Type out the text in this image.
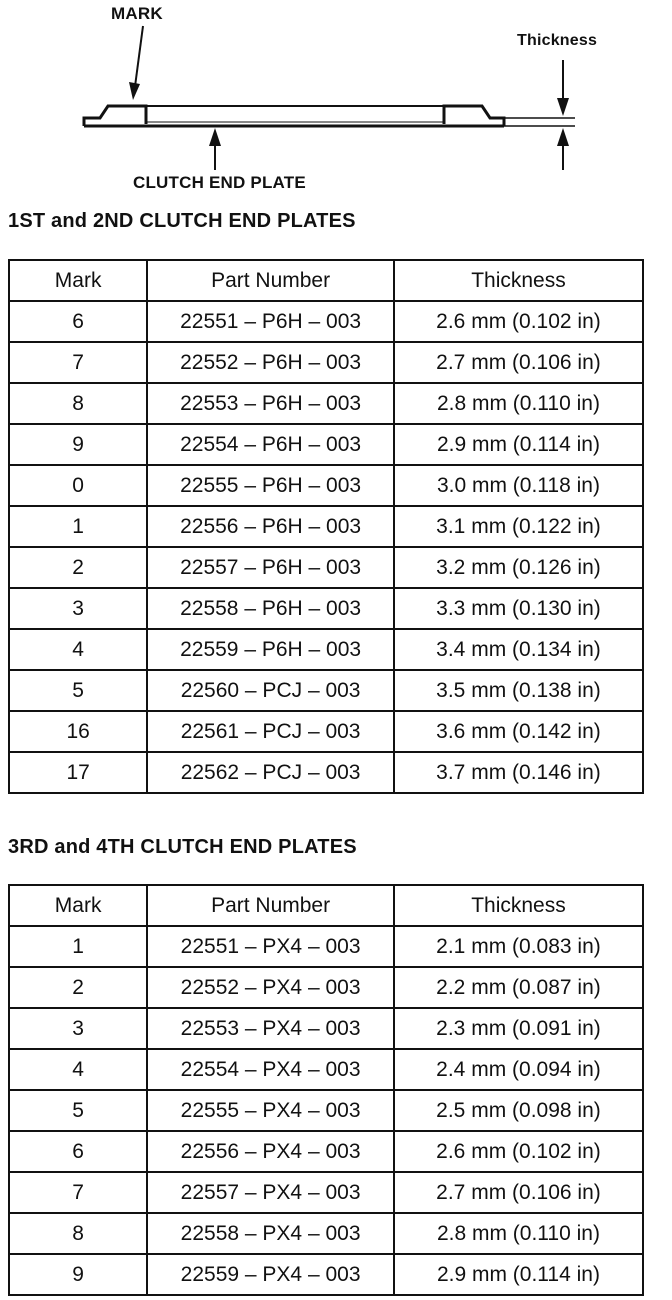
MARK
Thickness
CLUTCH END PLATE
1ST and 2ND CLUTCH END PLATES
Mark	Part Number	Thickness
6	22551 – P6H – 003	2.6 mm (0.102 in)
7	22552 – P6H – 003	2.7 mm (0.106 in)
8	22553 – P6H – 003	2.8 mm (0.110 in)
9	22554 – P6H – 003	2.9 mm (0.114 in)
0	22555 – P6H – 003	3.0 mm (0.118 in)
1	22556 – P6H – 003	3.1 mm (0.122 in)
2	22557 – P6H – 003	3.2 mm (0.126 in)
3	22558 – P6H – 003	3.3 mm (0.130 in)
4	22559 – P6H – 003	3.4 mm (0.134 in)
5	22560 – PCJ – 003	3.5 mm (0.138 in)
16	22561 – PCJ – 003	3.6 mm (0.142 in)
17	22562 – PCJ – 003	3.7 mm (0.146 in)
3RD and 4TH CLUTCH END PLATES
Mark	Part Number	Thickness
1	22551 – PX4 – 003	2.1 mm (0.083 in)
2	22552 – PX4 – 003	2.2 mm (0.087 in)
3	22553 – PX4 – 003	2.3 mm (0.091 in)
4	22554 – PX4 – 003	2.4 mm (0.094 in)
5	22555 – PX4 – 003	2.5 mm (0.098 in)
6	22556 – PX4 – 003	2.6 mm (0.102 in)
7	22557 – PX4 – 003	2.7 mm (0.106 in)
8	22558 – PX4 – 003	2.8 mm (0.110 in)
9	22559 – PX4 – 003	2.9 mm (0.114 in)
